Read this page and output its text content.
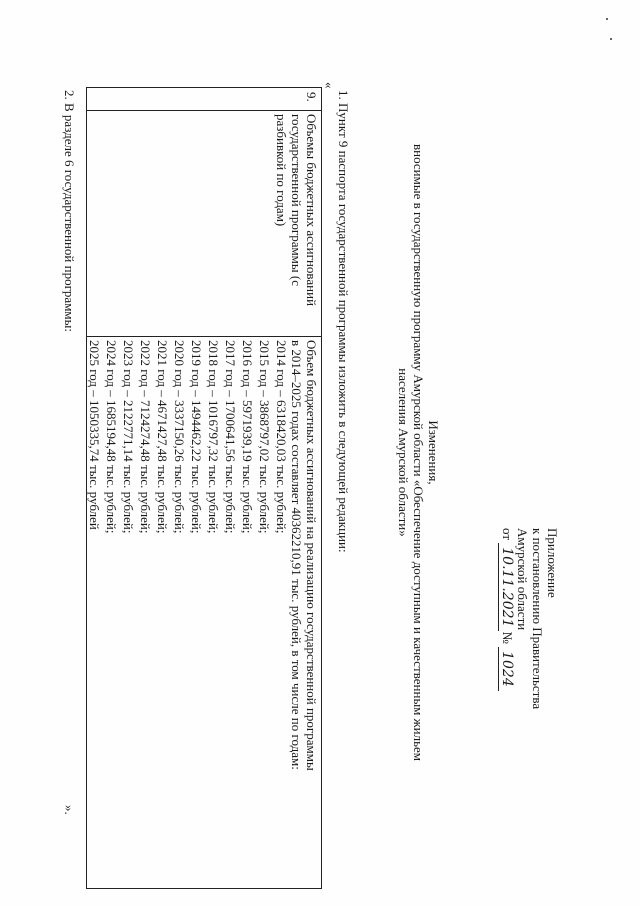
Приложение
к постановлению Правительства
Амурской области
от 10.11.2021№ 1024
Изменения,
вносимые в государственную программу Амурской области «Обеспечение доступным и качественным жильем
населения Амурской области»
1. Пункт 9 паспорта государственной программы изложить в следующей редакции:
«
9.
Объемы бюджетных ассигнований государственной программы (с разбивкой по годам)
Объем бюджетных ассигнований на реализацию государственной программы
в 2014–2025 годах составляет 40362210,91 тыс. рублей, в том числе по годам:
2014 год – 6318420,03 тыс. рублей;
2015 год – 3868797,02 тыс. рублей;
2016 год – 5971939,19 тыс. рублей;
2017 год – 1700641,56 тыс. рублей;
2018 год – 1016797,32 тыс. рублей;
2019 год – 1494462,22 тыс. рублей;
2020 год – 3337150,26 тыс. рублей;
2021 год – 4671427,48 тыс. рублей;
2022 год – 7124274,48 тыс. рублей;
2023 год – 2122771,14 тыс. рублей;
2024 год – 1685194,48 тыс. рублей;
2025 год – 1050335,74 тыс. рублей
».
2. В разделе 6 государственной программы:
